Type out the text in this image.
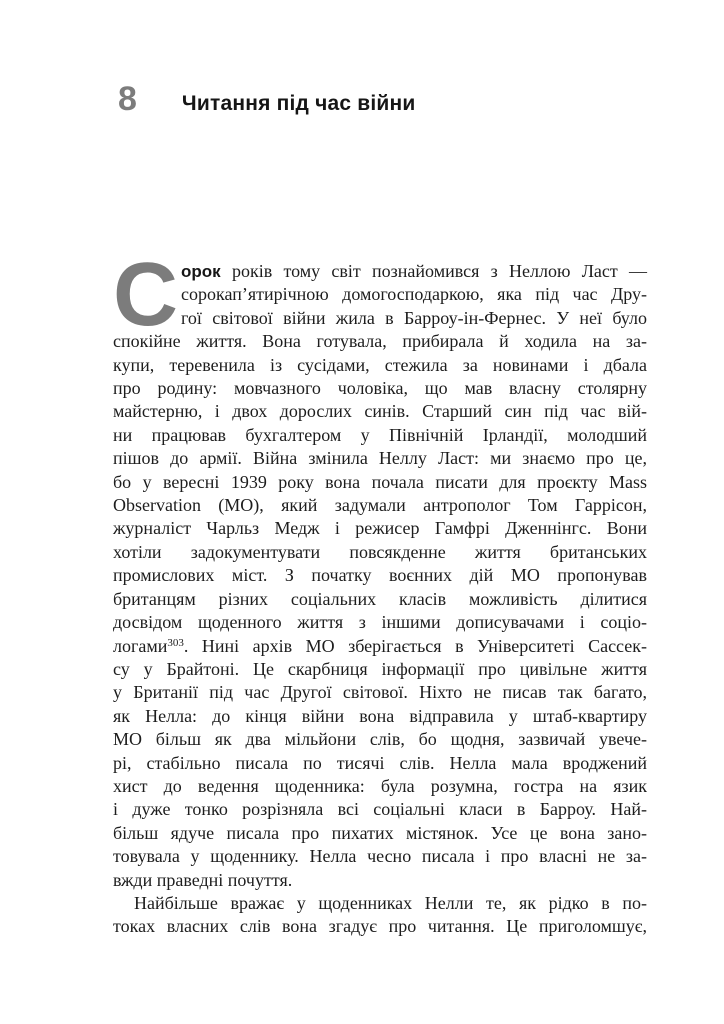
8 Читання під час війни
С орок років тому світ познайомився з Неллою Ласт —
сорокап’ятирічною домогосподаркою, яка під час Дру-
гої світової війни жила в Барроу-ін-Фернес. У неї було
спокійне життя. Вона готувала, прибирала й ходила на за-
купи, теревенила із сусідами, стежила за новинами і дбала
про родину: мовчазного чоловіка, що мав власну столярну
майстерню, і двох дорослих синів. Старший син під час вій-
ни працював бухгалтером у Північній Ірландії, молодший
пішов до армії. Війна змінила Неллу Ласт: ми знаємо про це,
бо у вересні 1939 року вона почала писати для проєкту Mass
Observation (МО), який задумали антрополог Том Гаррісон,
журналіст Чарльз Медж і режисер Гамфрі Дженнінгс. Вони
хотіли задокументувати повсякденне життя британських
промислових міст. З початку воєнних дій МО пропонував
британцям різних соціальних класів можливість ділитися
досвідом щоденного життя з іншими дописувачами і соціо-
логами$^{303}$. Нині архів МО зберігається в Університеті Сассек-
су у Брайтоні. Це скарбниця інформації про цивільне життя
у Британії під час Другої світової. Ніхто не писав так багато,
як Нелла: до кінця війни вона відправила у штаб-квартиру
МО більш як два мільйони слів, бо щодня, зазвичай увече-
рі, стабільно писала по тисячі слів. Нелла мала вроджений
хист до ведення щоденника: була розумна, гостра на язик
і дуже тонко розрізняла всі соціальні класи в Барроу. Най-
більш ядуче писала про пихатих містянок. Усе це вона зано-
товувала у щоденнику. Нелла чесно писала і про власні не за-
вжди праведні почуття.
Найбільше вражає у щоденниках Нелли те, як рідко в по-
токах власних слів вона згадує про читання. Це приголомшує,
